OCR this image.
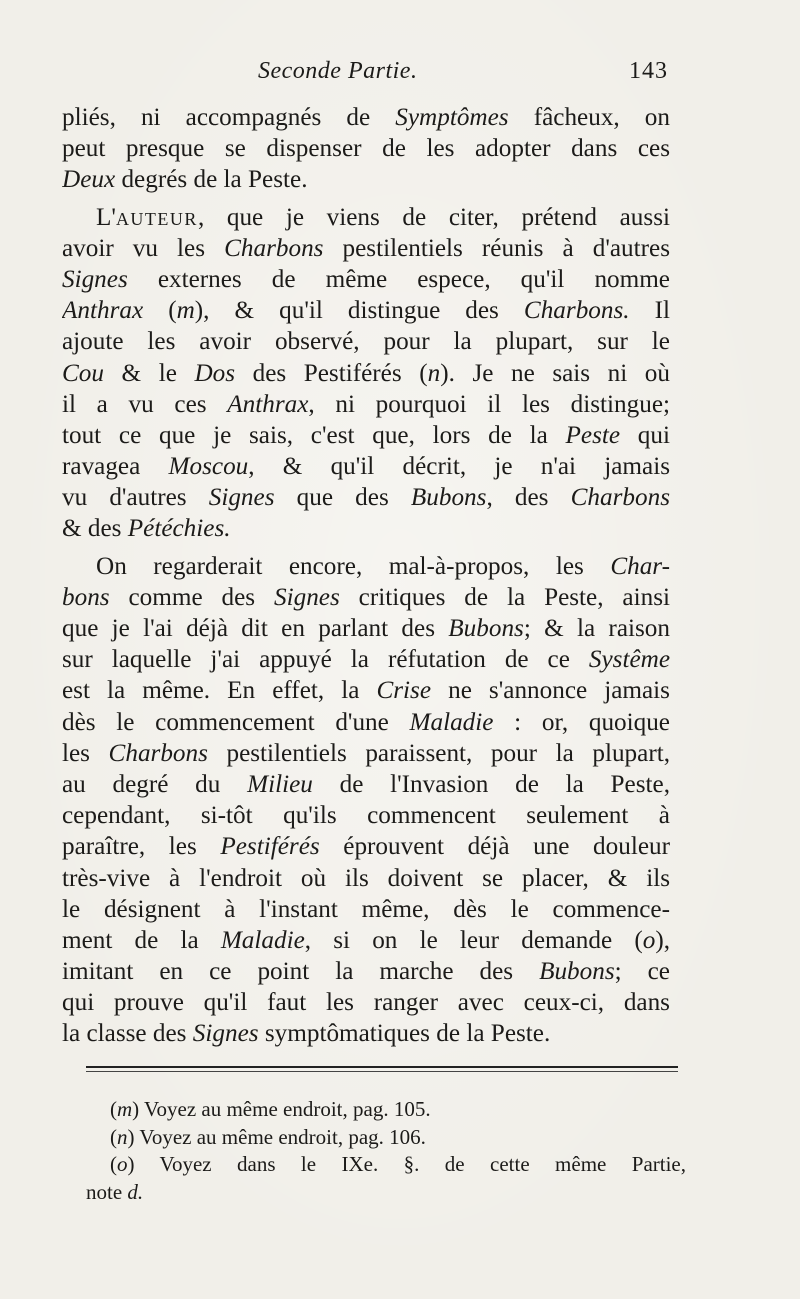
Seconde Partie.	143
pliés, ni accompagnés de Symptômes fâcheux, on
peut presque se dispenser de les adopter dans ces
Deux degrés de la Peste.
L'auteur, que je viens de citer, prétend aussi
avoir vu les Charbons pestilentiels réunis à d'autres
Signes externes de même espece, qu'il nomme
Anthrax (m), & qu'il distingue des Charbons. Il
ajoute les avoir observé, pour la plupart, sur le
Cou & le Dos des Pestiférés (n). Je ne sais ni où
il a vu ces Anthrax, ni pourquoi il les distingue;
tout ce que je sais, c'est que, lors de la Peste qui
ravagea Moscou, & qu'il décrit, je n'ai jamais
vu d'autres Signes que des Bubons, des Charbons
& des Pétéchies.
On regarderait encore, mal-à-propos, les Char-
bons comme des Signes critiques de la Peste, ainsi
que je l'ai déjà dit en parlant des Bubons; & la raison
sur laquelle j'ai appuyé la réfutation de ce Systême
est la même. En effet, la Crise ne s'annonce jamais
dès le commencement d'une Maladie : or, quoique
les Charbons pestilentiels paraissent, pour la plupart,
au degré du Milieu de l'Invasion de la Peste,
cependant, si-tôt qu'ils commencent seulement à
paraître, les Pestiférés éprouvent déjà une douleur
très-vive à l'endroit où ils doivent se placer, & ils
le désignent à l'instant même, dès le commence-
ment de la Maladie, si on le leur demande (o),
imitant en ce point la marche des Bubons; ce
qui prouve qu'il faut les ranger avec ceux-ci, dans
la classe des Signes symptômatiques de la Peste.
(m) Voyez au même endroit, pag. 105.
(n) Voyez au même endroit, pag. 106.
(o) Voyez dans le IXe. §. de cette même Partie,
note d.
